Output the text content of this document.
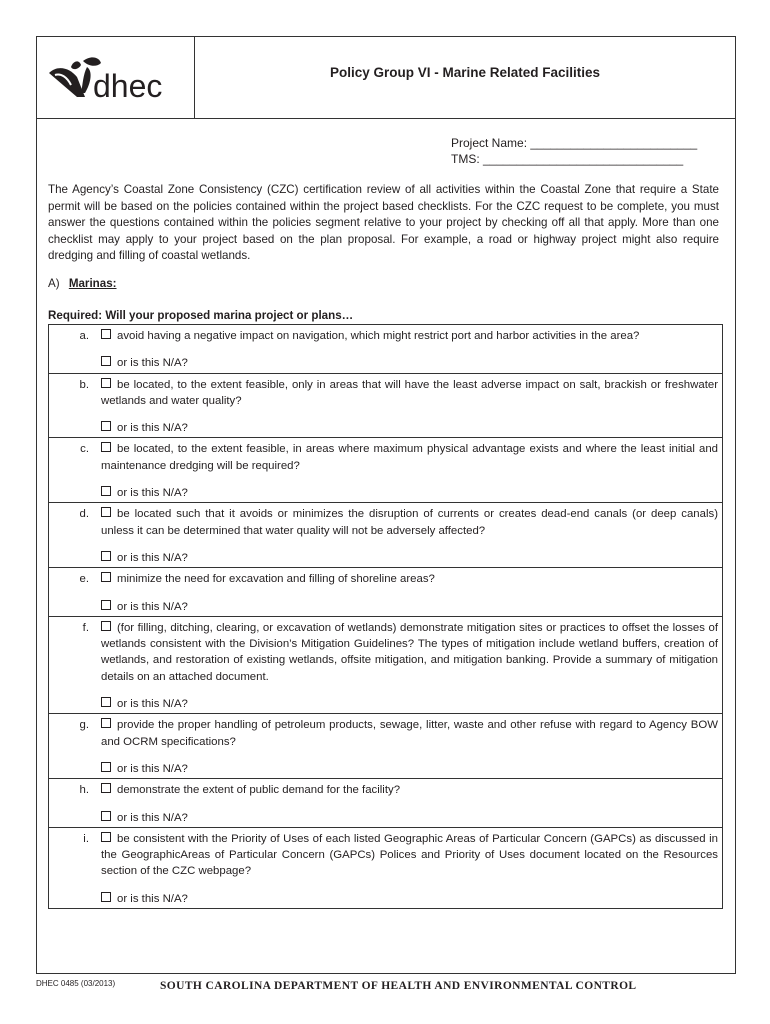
dhec	Policy Group VI - Marine Related Facilities
Project Name: _________________________
TMS: ______________________________
The Agency’s Coastal Zone Consistency (CZC) certification review of all activities within the Coastal Zone that require a State permit will be based on the policies contained within the project based checklists. For the CZC request to be complete, you must answer the questions contained within the policies segment relative to your project by checking off all that apply. More than one checklist may apply to your project based on the plan proposal. For example, a road or highway project might also require dredging and filling of coastal wetlands.
A) Marinas:
Required: Will your proposed marina project or plans…
a.	avoid having a negative impact on navigation, which might restrict port and harbor activities in the area?
or is this N/A?
b.	be located, to the extent feasible, only in areas that will have the least adverse impact on salt, brackish or freshwater wetlands and water quality?
or is this N/A?
c.	be located, to the extent feasible, in areas where maximum physical advantage exists and where the least initial and maintenance dredging will be required?
or is this N/A?
d.	be located such that it avoids or minimizes the disruption of currents or creates dead-end canals (or deep canals) unless it can be determined that water quality will not be adversely affected?
or is this N/A?
e.	minimize the need for excavation and filling of shoreline areas?
or is this N/A?
f.	(for filling, ditching, clearing, or excavation of wetlands) demonstrate mitigation sites or practices to offset the losses of wetlands consistent with the Division’s Mitigation Guidelines? The types of mitigation include wetland buffers, creation of wetlands, and restoration of existing wetlands, offsite mitigation, and mitigation banking. Provide a summary of mitigation details on an attached document.
or is this N/A?
g.	provide the proper handling of petroleum products, sewage, litter, waste and other refuse with regard to Agency BOW and OCRM specifications?
or is this N/A?
h.	demonstrate the extent of public demand for the facility?
or is this N/A?
i.	be consistent with the Priority of Uses of each listed Geographic Areas of Particular Concern (GAPCs) as discussed in the GeographicAreas of Particular Concern (GAPCs) Polices and Priority of Uses document located on the Resources section of the CZC webpage?
or is this N/A?
DHEC 0485 (03/2013)	SOUTH CAROLINA DEPARTMENT OF HEALTH AND ENVIRONMENTAL CONTROL
